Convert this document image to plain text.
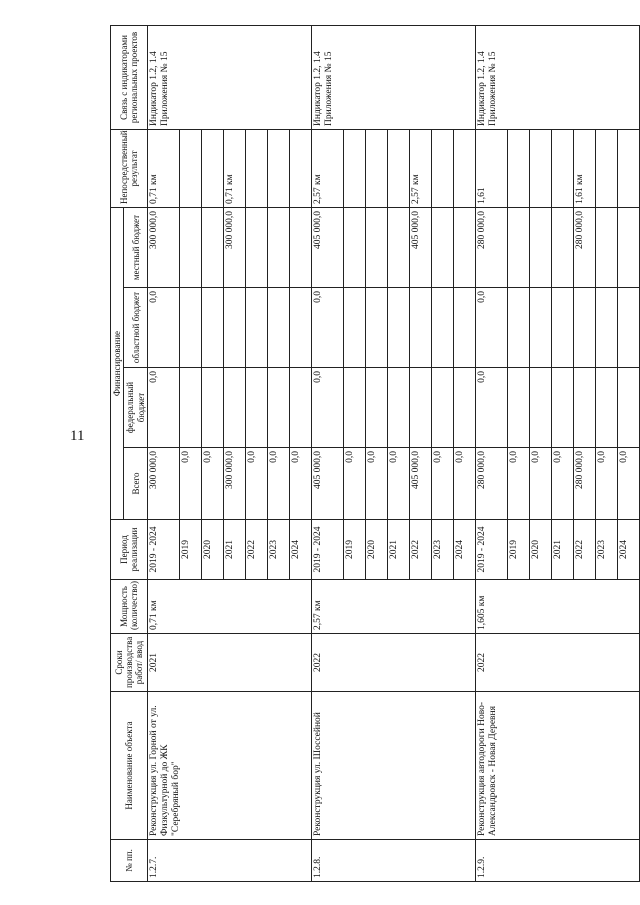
11
№ пп.	Наименование объекта	Сроки производства работ/ ввод	Мощность (количество)	Период реализации	Финансирование				Непосредственный результат	Связь с индикаторами региональных проектов
					Всего	федеральный бюджет	областной бюджет	местный бюджет		
1.2.7.	Реконструкция ул. Горной от ул. Физкультурной до ЖК "Серебряный бор"	2021	0,71 км	2019 - 2024	300 000,0	0,0	0,0	300 000,0	0,71 км	Индикатор 1.2, 1.4 Приложения № 15
				2019	0,0					
				2020	0,0					
				2021	300 000,0			300 000,0	0,71 км	
				2022	0,0					
				2023	0,0					
				2024	0,0					
1.2.8.	Реконструкция ул. Шоссейной	2022	2,57 км	2019 - 2024	405 000,0	0,0	0,0	405 000,0	2,57 км	Индикатор 1.2, 1.4 Приложения № 15
				2019	0,0					
				2020	0,0					
				2021	0,0					
				2022	405 000,0			405 000,0	2,57 км	
				2023	0,0					
				2024	0,0					
1.2.9.	Реконструкция автодороги Ново-Александровск - Новая Деревня	2022	1,605 км	2019 - 2024	280 000,0	0,0	0,0	280 000,0	1,61	Индикатор 1.2, 1.4 Приложения № 15
				2019	0,0					
				2020	0,0					
				2021	0,0					
				2022	280 000,0			280 000,0	1,61 км	
				2023	0,0					
				2024	0,0					
